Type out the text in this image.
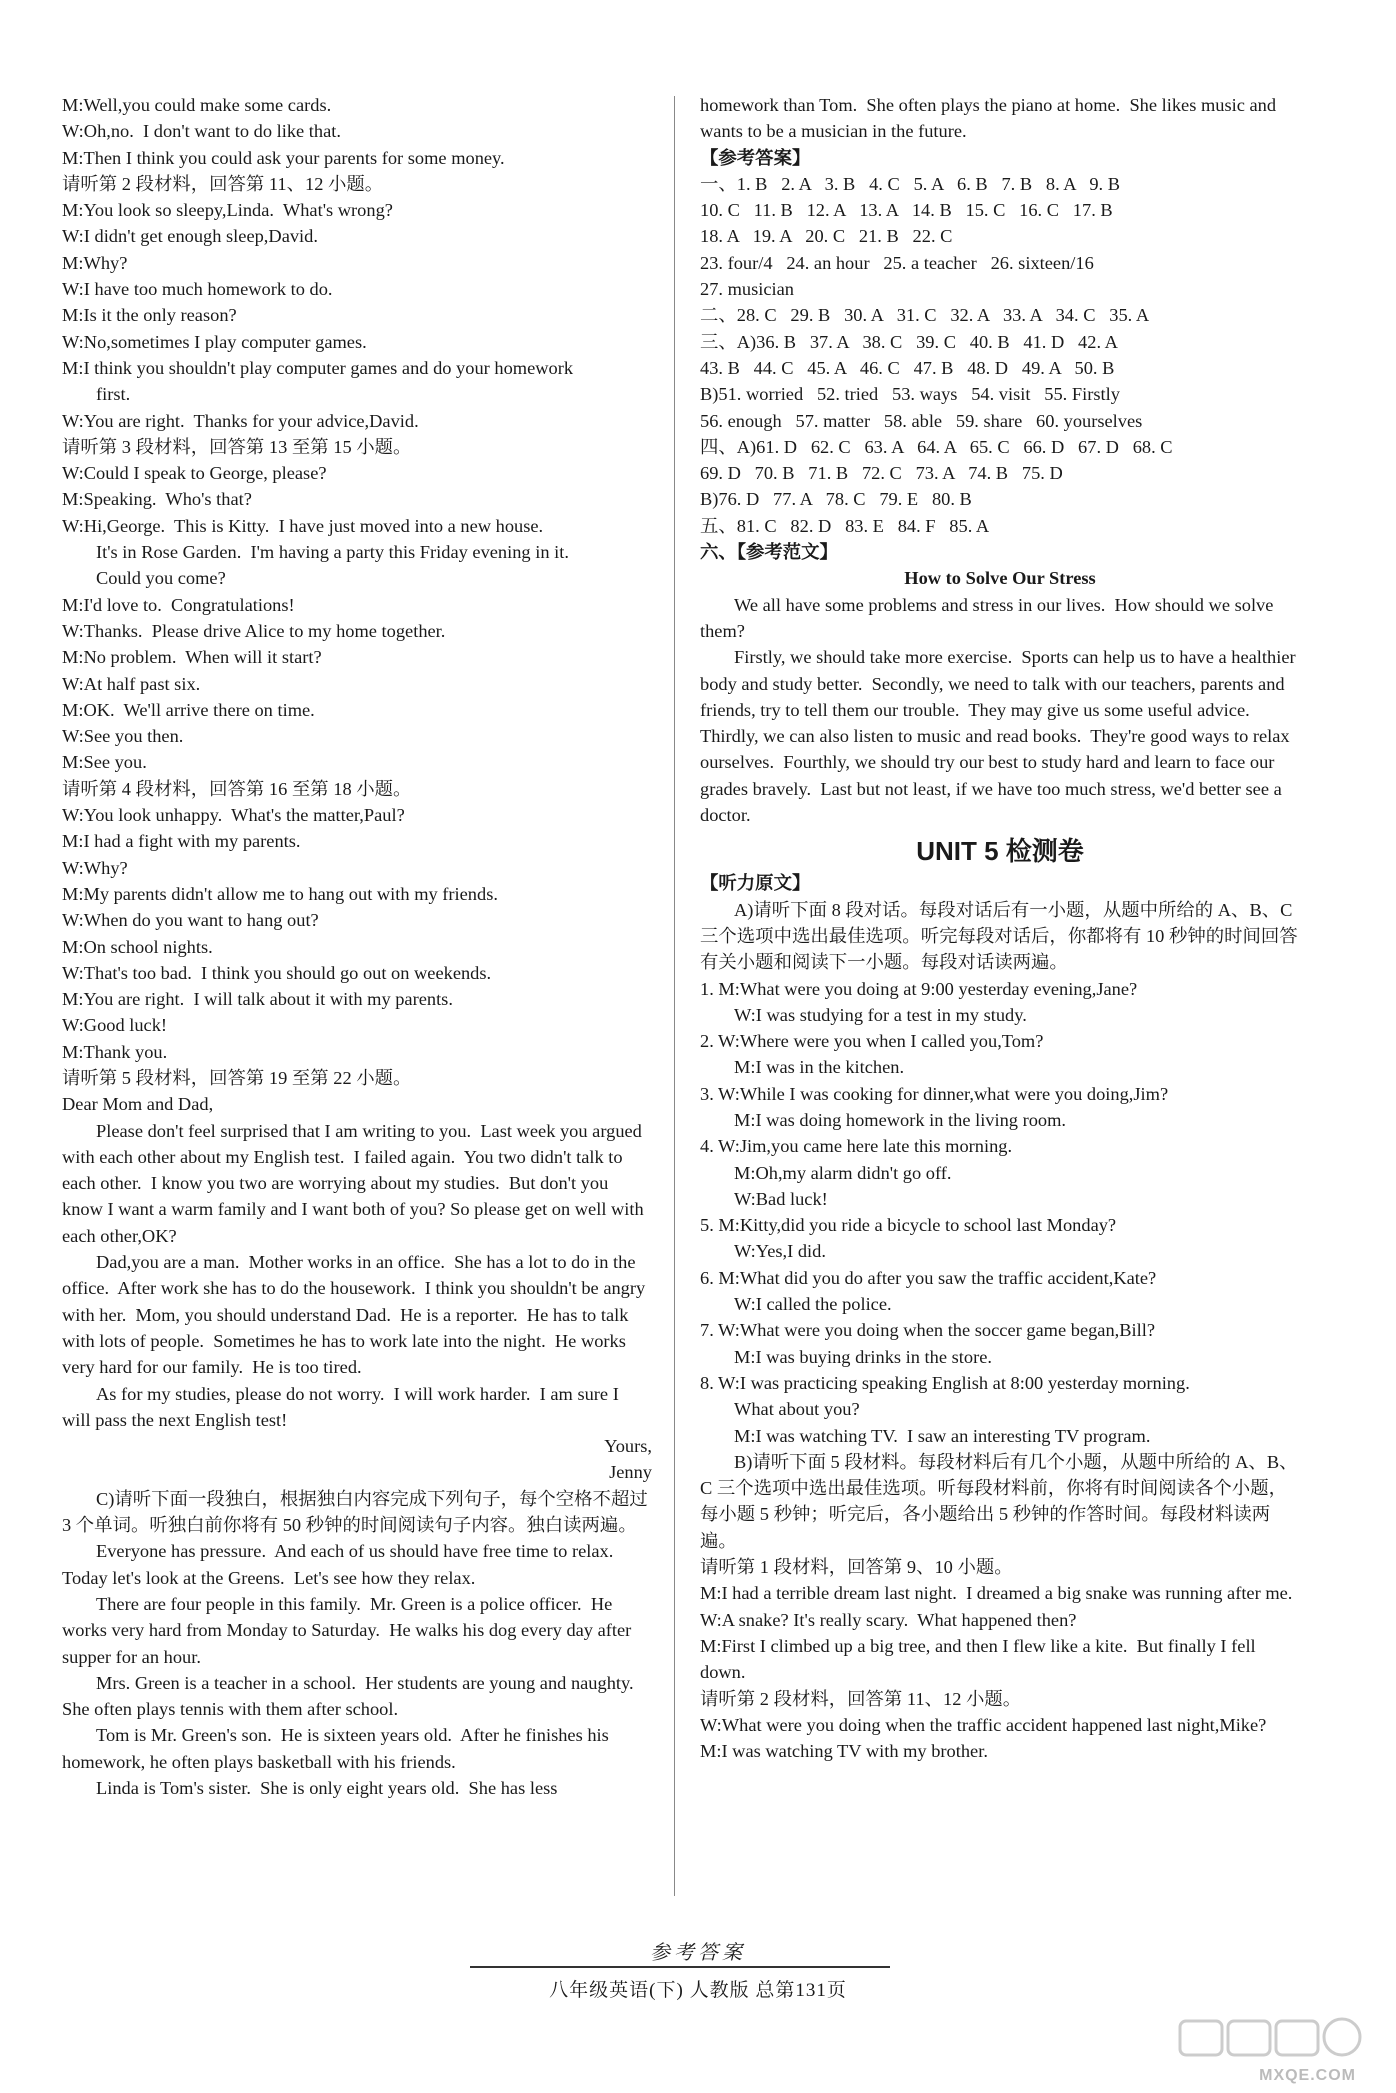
M:Well,you could make some cards.
W:Oh,no.  I don't want to do like that.
M:Then I think you could ask your parents for some money.
请听第 2 段材料，回答第 11、12 小题。
M:You look so sleepy,Linda.  What's wrong?
W:I didn't get enough sleep,David.
M:Why?
W:I have too much homework to do.
M:Is it the only reason?
W:No,sometimes I play computer games.
M:I think you shouldn't play computer games and do your homework
first.
W:You are right.  Thanks for your advice,David.
请听第 3 段材料，回答第 13 至第 15 小题。
W:Could I speak to George, please?
M:Speaking.  Who's that?
W:Hi,George.  This is Kitty.  I have just moved into a new house.
It's in Rose Garden.  I'm having a party this Friday evening in it.
Could you come?
M:I'd love to.  Congratulations!
W:Thanks.  Please drive Alice to my home together.
M:No problem.  When will it start?
W:At half past six.
M:OK.  We'll arrive there on time.
W:See you then.
M:See you.
请听第 4 段材料，回答第 16 至第 18 小题。
W:You look unhappy.  What's the matter,Paul?
M:I had a fight with my parents.
W:Why?
M:My parents didn't allow me to hang out with my friends.
W:When do you want to hang out?
M:On school nights.
W:That's too bad.  I think you should go out on weekends.
M:You are right.  I will talk about it with my parents.
W:Good luck!
M:Thank you.
请听第 5 段材料，回答第 19 至第 22 小题。
Dear Mom and Dad,
Please don't feel surprised that I am writing to you.  Last week you argued with each other about my English test.  I failed again.  You two didn't talk to each other.  I know you two are worrying about my studies.  But don't you know I want a warm family and I want both of you? So please get on well with each other,OK?
Dad,you are a man.  Mother works in an office.  She has a lot to do in the office.  After work she has to do the housework.  I think you shouldn't be angry with her.  Mom, you should understand Dad.  He is a reporter.  He has to talk with lots of people.  Sometimes he has to work late into the night.  He works very hard for our family.  He is too tired.
As for my studies, please do not worry.  I will work harder.  I am sure I will pass the next English test!
Yours,
Jenny
C)请听下面一段独白，根据独白内容完成下列句子，每个空格不超过 3 个单词。听独白前你将有 50 秒钟的时间阅读句子内容。独白读两遍。
Everyone has pressure.  And each of us should have free time to relax.  Today let's look at the Greens.  Let's see how they relax.
There are four people in this family.  Mr. Green is a police officer.  He works very hard from Monday to Saturday.  He walks his dog every day after supper for an hour.
Mrs. Green is a teacher in a school.  Her students are young and naughty.  She often plays tennis with them after school.
Tom is Mr. Green's son.  He is sixteen years old.  After he finishes his homework, he often plays basketball with his friends.
Linda is Tom's sister.  She is only eight years old.  She has less
homework than Tom.  She often plays the piano at home.  She likes music and wants to be a musician in the future.
【参考答案】
一、1. B   2. A   3. B   4. C   5. A   6. B   7. B   8. A   9. B
10. C   11. B   12. A   13. A   14. B   15. C   16. C   17. B
18. A   19. A   20. C   21. B   22. C
23. four/4   24. an hour   25. a teacher   26. sixteen/16
27. musician
二、28. C   29. B   30. A   31. C   32. A   33. A   34. C   35. A
三、A)36. B   37. A   38. C   39. C   40. B   41. D   42. A
43. B   44. C   45. A   46. C   47. B   48. D   49. A   50. B
B)51. worried   52. tried   53. ways   54. visit   55. Firstly
56. enough   57. matter   58. able   59. share   60. yourselves
四、A)61. D   62. C   63. A   64. A   65. C   66. D   67. D   68. C
69. D   70. B   71. B   72. C   73. A   74. B   75. D
B)76. D   77. A   78. C   79. E   80. B
五、81. C   82. D   83. E   84. F   85. A
六、【参考范文】
How to Solve Our Stress
We all have some problems and stress in our lives.  How should we solve them?
Firstly, we should take more exercise.  Sports can help us to have a healthier body and study better.  Secondly, we need to talk with our teachers, parents and friends, try to tell them our trouble.  They may give us some useful advice.  Thirdly, we can also listen to music and read books.  They're good ways to relax ourselves.  Fourthly, we should try our best to study hard and learn to face our grades bravely.  Last but not least, if we have too much stress, we'd better see a doctor.
UNIT 5 检测卷
【听力原文】
A)请听下面 8 段对话。每段对话后有一小题，从题中所给的 A、B、C 三个选项中选出最佳选项。听完每段对话后，你都将有 10 秒钟的时间回答有关小题和阅读下一小题。每段对话读两遍。
1. M:What were you doing at 9:00 yesterday evening,Jane?
W:I was studying for a test in my study.
2. W:Where were you when I called you,Tom?
M:I was in the kitchen.
3. W:While I was cooking for dinner,what were you doing,Jim?
M:I was doing homework in the living room.
4. W:Jim,you came here late this morning.
M:Oh,my alarm didn't go off.
W:Bad luck!
5. M:Kitty,did you ride a bicycle to school last Monday?
W:Yes,I did.
6. M:What did you do after you saw the traffic accident,Kate?
W:I called the police.
7. W:What were you doing when the soccer game began,Bill?
M:I was buying drinks in the store.
8. W:I was practicing speaking English at 8:00 yesterday morning.
What about you?
M:I was watching TV.  I saw an interesting TV program.
B)请听下面 5 段材料。每段材料后有几个小题，从题中所给的 A、B、C 三个选项中选出最佳选项。听每段材料前，你将有时间阅读各个小题，每小题 5 秒钟；听完后，各小题给出 5 秒钟的作答时间。每段材料读两遍。
请听第 1 段材料，回答第 9、10 小题。
M:I had a terrible dream last night.  I dreamed a big snake was running after me.
W:A snake? It's really scary.  What happened then?
M:First I climbed up a big tree, and then I flew like a kite.  But finally I fell down.
请听第 2 段材料，回答第 11、12 小题。
W:What were you doing when the traffic accident happened last night,Mike?
M:I was watching TV with my brother.
参考答案
八年级英语(下) 人教版 总第131页
MXQE.COM
